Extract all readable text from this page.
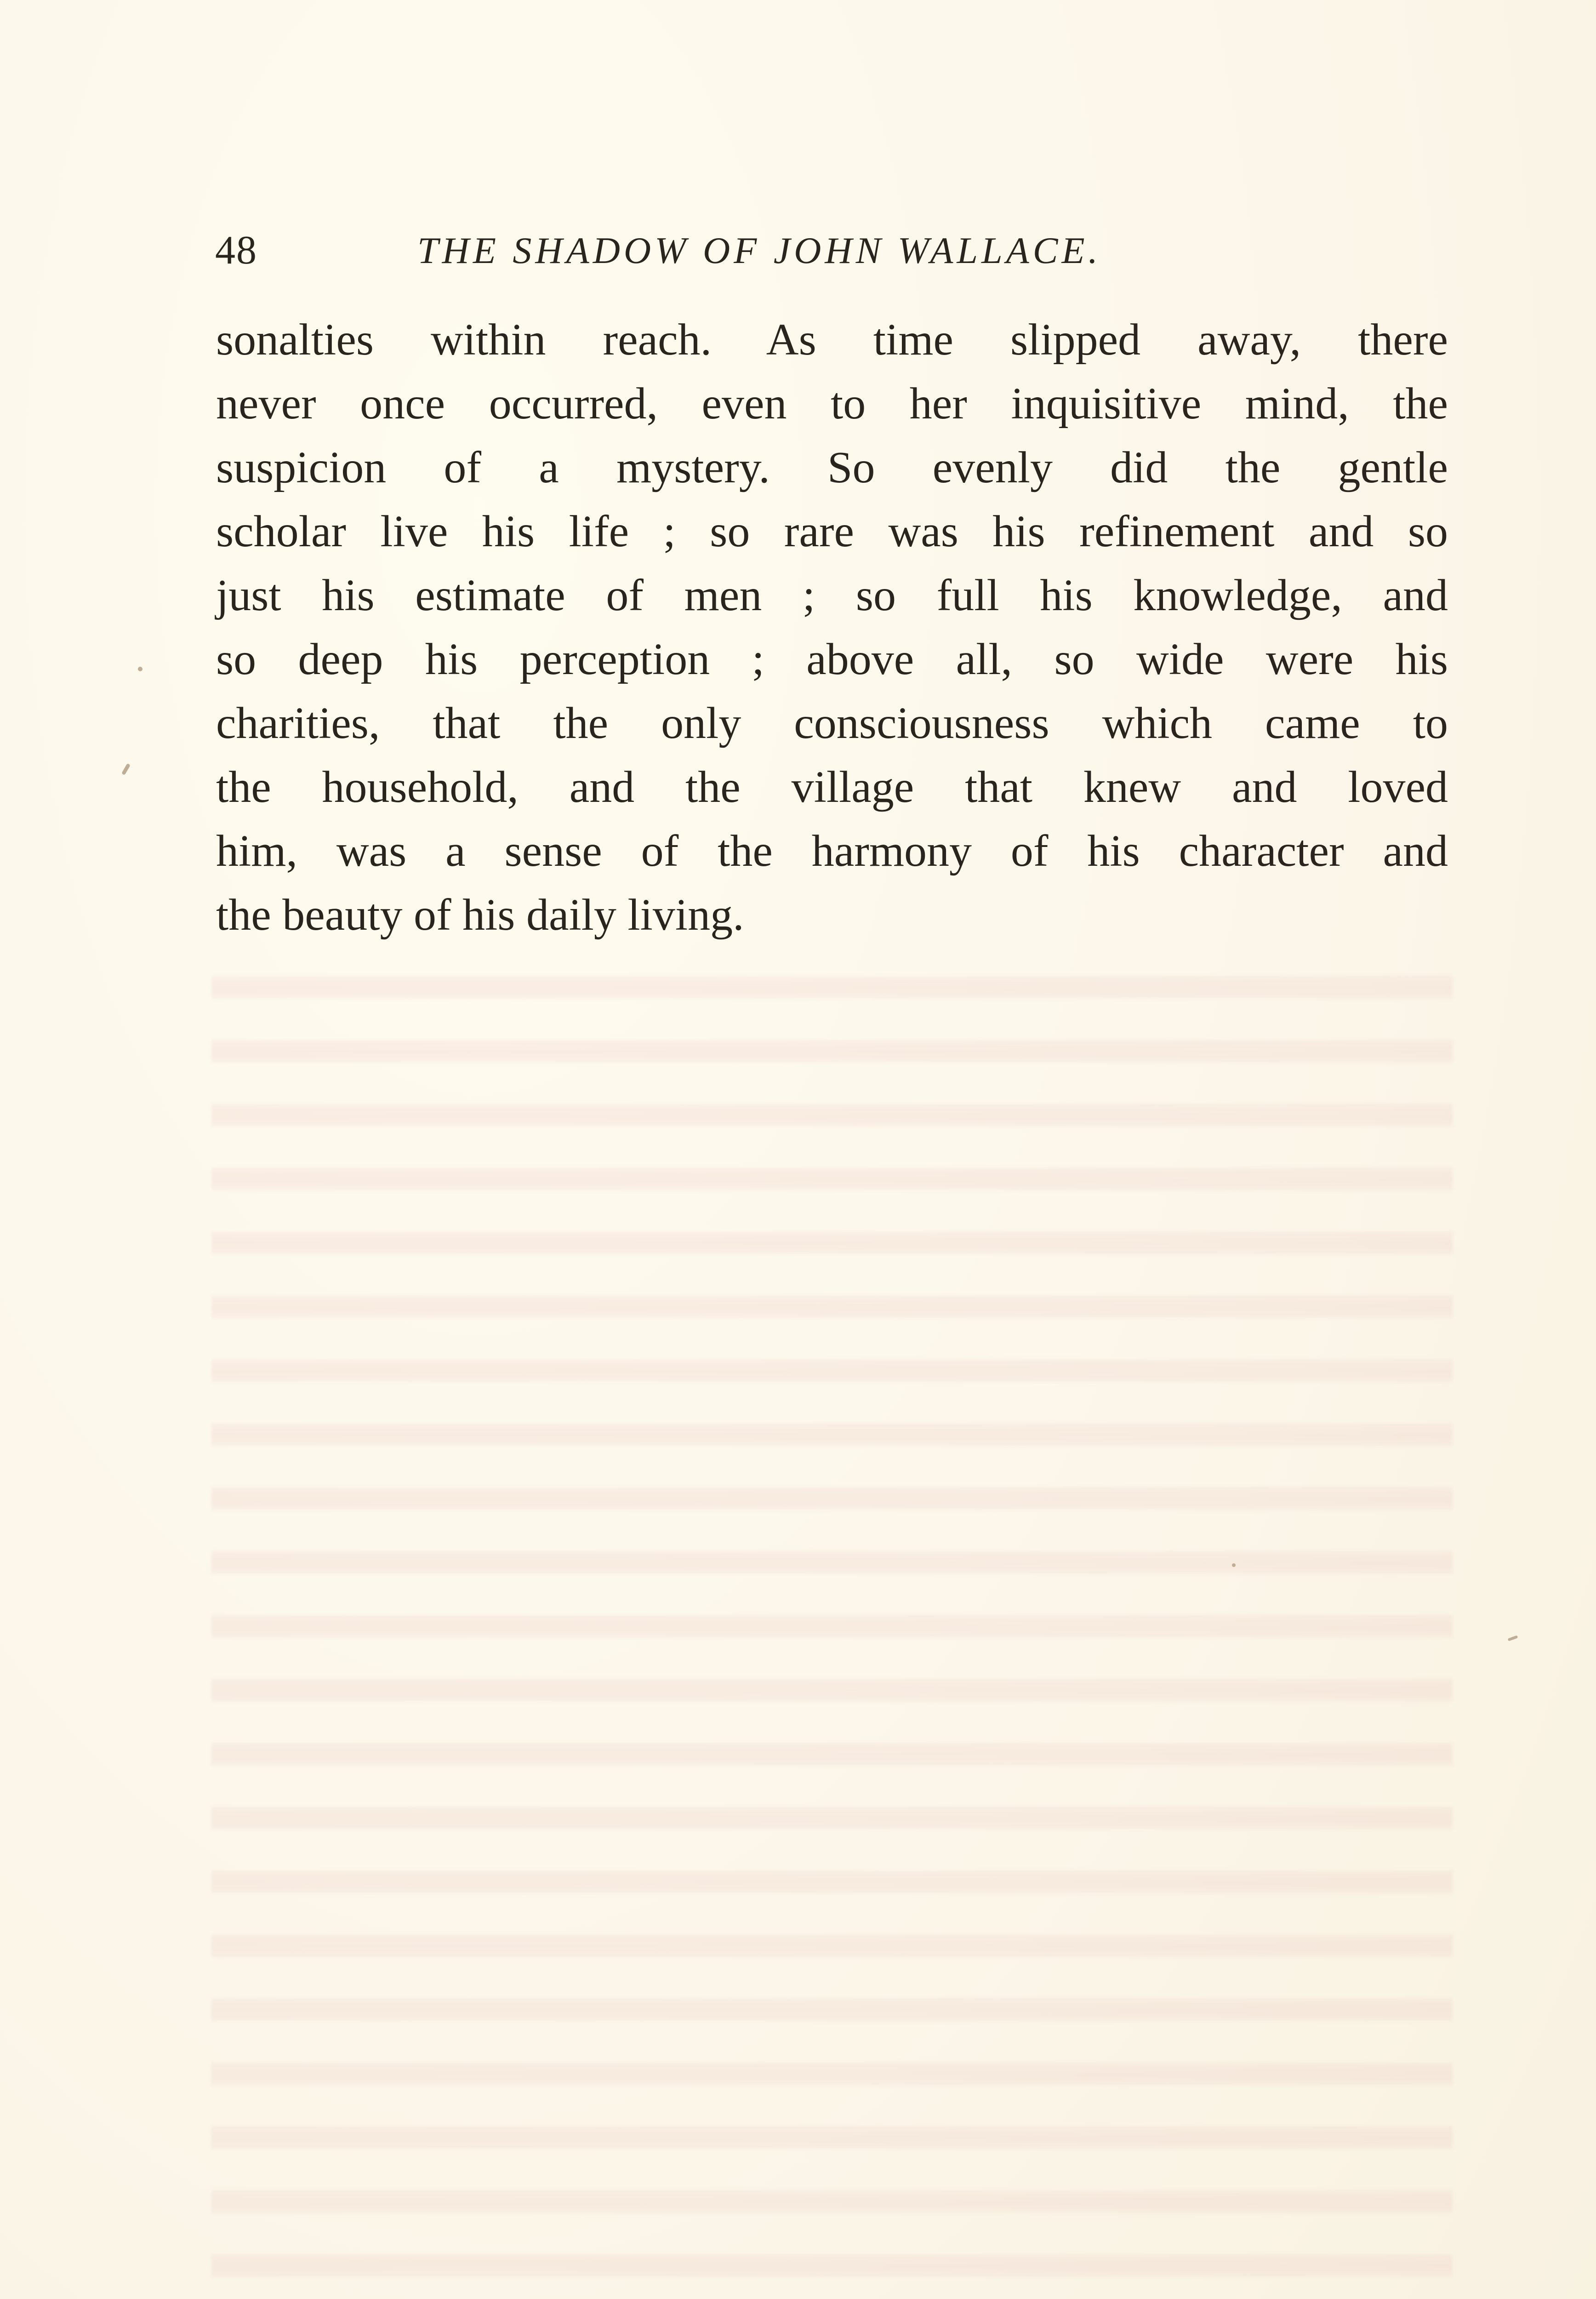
48	THE SHADOW OF JOHN WALLACE.
sonalties within reach. As time slipped away, there
never once occurred, even to her inquisitive mind, the
suspicion of a mystery. So evenly did the gentle
scholar live his life ; so rare was his refinement and so
just his estimate of men ; so full his knowledge, and
so deep his perception ; above all, so wide were his
charities, that the only consciousness which came to
the household, and the village that knew and loved
him, was a sense of the harmony of his character and
the beauty of his daily living.
